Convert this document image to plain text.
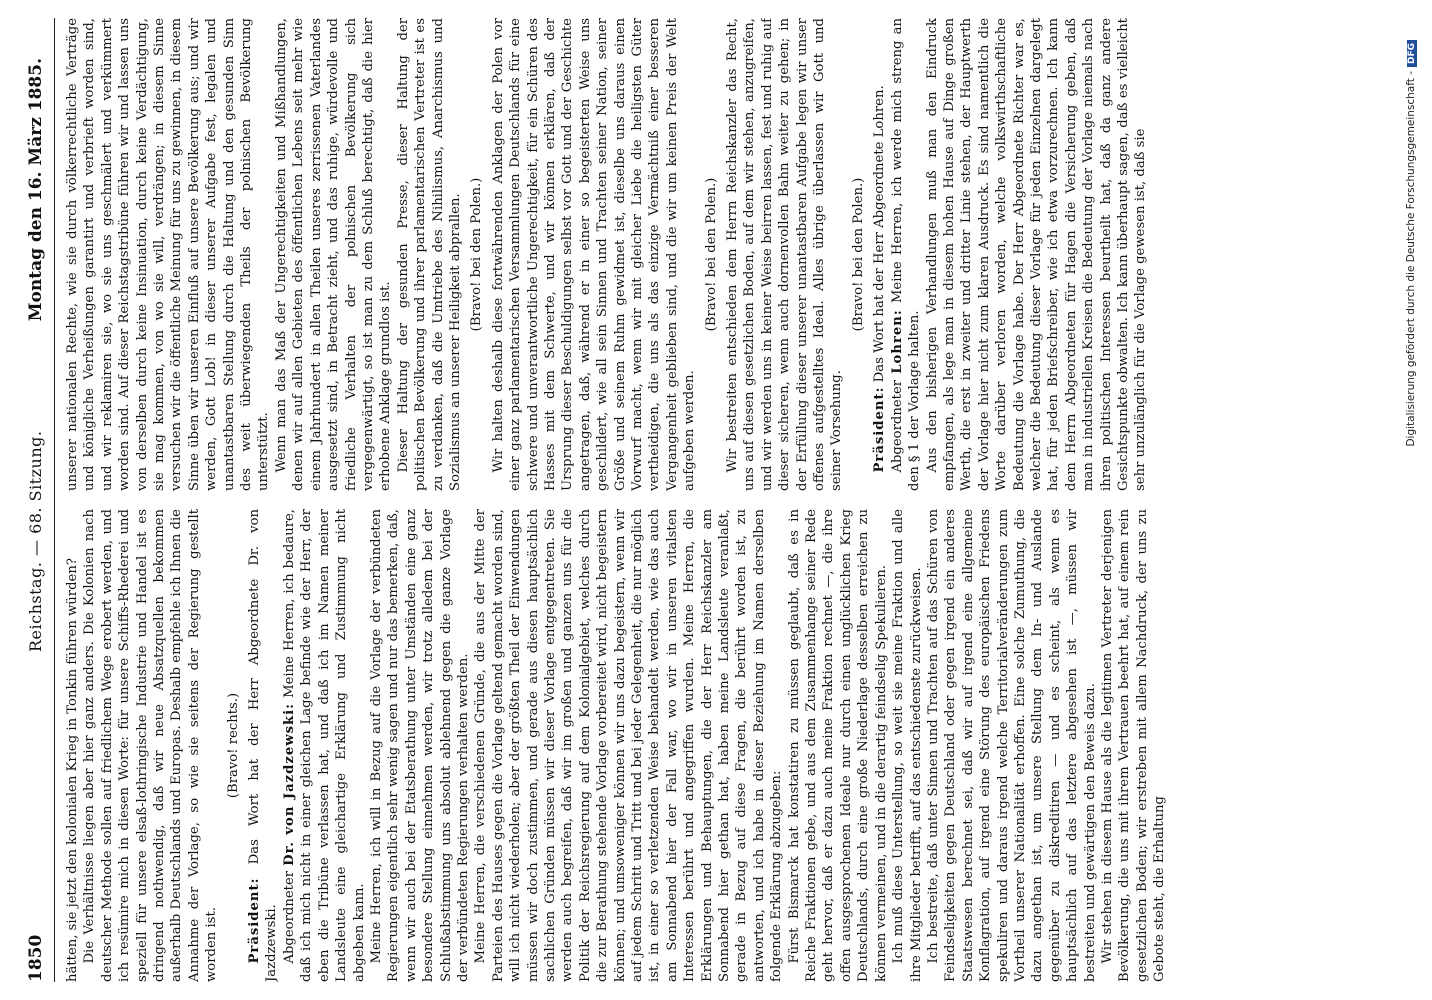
1850
Reichstag. — 68. Sitzung.
Montag den 16. März 1885.

hätten, sie jetzt den kolonialen Krieg in Tonkin führen würden? Die Verhältnisse liegen aber hier ganz anders. Die Kolonien nach deutscher Methode sollen auf friedlichem Wege erobert werden, und ich resümire mich in diesen Worte: für unsere Schiffs-Rhederei und speziell für unsere elsaß-lothringische Industrie und Handel ist es dringend nothwendig, daß wir neue Absatzquellen bekommen außerhalb Deutschlands und Europas. Deshalb empfehle ich Ihnen die Annahme der Vorlage, so wie sie seitens der Regierung gestellt worden ist.

(Bravo! rechts.)

Präsident: Das Wort hat der Herr Abgeordnete Dr. von Jazdzewski. Abgeordneter Dr. von Jazdzewski: Meine Herren, ich bedaure, daß ich mich nicht in einer gleichen Lage befinde wie der Herr, der eben die Tribüne verlassen hat, und daß ich im Namen meiner Landsleute eine gleichartige Erklärung und Zustimmung nicht abgeben kann. Meine Herren, ich will in Bezug auf die Vorlage der verbündeten Regierungen eigentlich sehr wenig sagen und nur das bemerken, daß, wenn wir auch bei der Etatsberathung unter Umständen eine ganz besondere Stellung einnehmen werden, wir trotz alledem bei der Schlußabstimmung uns absolut ablehnend gegen die ganze Vorlage der verbündeten Regierungen verhalten werden. Meine Herren, die verschiedenen Gründe, die aus der Mitte der Parteien des Hauses gegen die Vorlage geltend gemacht worden sind, will ich nicht wiederholen; aber der größten Theil der Einwendungen müssen wir doch zustimmen, und gerade aus diesen hauptsächlich sachlichen Gründen müssen wir dieser Vorlage entgegentreten. Sie werden auch begreifen, daß wir im großen und ganzen uns für die Politik der Reichsregierung auf dem Kolonialgebiet, welches durch die zur Berathung stehende Vorlage vorbereitet wird, nicht begeistern können; und umsoweniger können wir uns dazu begeistern, wenn wir auf jedem Schritt und Tritt und bei jeder Gelegenheit, die nur möglich ist, in einer so verletzenden Weise behandelt werden, wie das auch am Sonnabend hier der Fall war, wo wir in unseren vitalsten Interessen berührt und angegriffen wurden. Meine Herren, die Erklärungen und Behauptungen, die der Herr Reichskanzler am Sonnabend hier gethan hat, haben meine Landsleute veranlaßt, gerade in Bezug auf diese Fragen, die berührt worden ist, zu antworten, und ich habe in dieser Beziehung im Namen derselben folgende Erklärung abzugeben: Fürst Bismarck hat konstatiren zu müssen geglaubt, daß es in Reiche Fraktionen gebe, und aus dem Zusammenhange seiner Rede geht hervor, daß er dazu auch meine Fraktion rechnet —, die ihre offen ausgesprochenen Ideale nur durch einen unglücklichen Krieg Deutschlands, durch eine große Niederlage desselben erreichen zu können vermeinen, und in die derartig feindselig Spekulieren. Ich muß diese Unterstellung, so weit sie meine Fraktion und alle ihre Mitglieder betrifft, auf das entschiedenste zurückweisen. Ich bestreite, daß unter Sinnen und Trachten auf das Schüren von Feindseligkeiten gegen Deutschland oder gegen irgend ein anderes Staatswesen berechnet sei, daß wir auf irgend eine allgemeine Konflagration, auf irgend eine Störung des europäischen Friedens spekuliren und daraus irgend welche Territorialveränderungen zum Vortheil unserer Nationalität erhoffen. Eine solche Zumuthung, die dazu angethan ist, um unsere Stellung dem In- und Auslande gegenüber zu diskreditiren — und es scheint, als wenn es hauptsächlich auf das letztere abgesehen ist —, müssen wir bestreiten und gewärtigen den Beweis dazu. Wir stehen in diesem Hause als die legitimen Vertreter derjenigen Bevölkerung, die uns mit ihrem Vertrauen beehrt hat, auf einem rein gesetzlichen Boden; wir erstreben mit allem Nachdruck, der uns zu Gebote steht, die Erhaltung

unserer nationalen Rechte, wie sie durch völkerrechtliche Verträge und königliche Verheißungen garantirt und verbrieft worden sind, und wir reklamiren sie, wo sie uns geschmälert und verkümmert worden sind. Auf dieser Reichstagstribüne führen wir und lassen uns von derselben durch keine Insinuation, durch keine Verdächtigung, sie mag kommen, von wo sie will, verdrängen; in diesem Sinne versuchen wir die öffentliche Meinung für uns zu gewinnen, in diesem Sinne üben wir unseren Einfluß auf unsere Bevölkerung aus; und wir werden, Gott Lob! in dieser unserer Aufgabe fest, legalen und unantastbaren Stellung durch die Haltung und den gesunden Sinn des weit überwiegenden Theils der polnischen Bevölkerung unterstützt. Wenn man das Maß der Ungerechtigkeiten und Mißhandlungen, denen wir auf allen Gebieten des öffentlichen Lebens seit mehr wie einem Jahrhundert in allen Theilen unseres zerrissenen Vaterlandes ausgesetzt sind, in Betracht zieht, und das ruhige, würdevolle und friedliche Verhalten der polnischen Bevölkerung sich vergegenwärtigt, so ist man zu dem Schluß berechtigt, daß die hier erhobene Anklage grundlos ist. Dieser Haltung der gesunden Presse, dieser Haltung der politischen Bevölkerung und ihrer parlamentarischen Vertreter ist es zu verdanken, daß die Umtriebe des Nihilismus, Anarchismus und Sozialismus an unserer Heiligkeit abprallen. (Bravo! bei den Polen.) Wir halten deshalb diese fortwährenden Anklagen der Polen vor einer ganz parlamentarischen Versammlungen Deutschlands für eine schwere und unverantwortliche Ungerechtigkeit, für ein Schüren des Hasses mit dem Schwerte, und wir können erklären, daß der Ursprung dieser Beschuldigungen selbst vor Gott und der Geschichte angetragen, daß, während er in einer so begeisterten Weise uns geschildert, wie all sein Sinnen und Trachten seiner Nation, seiner Größe und seinem Ruhm gewidmet ist, dieselbe uns daraus einen Vorwurf macht, wenn wir mit gleicher Liebe die heiligsten Güter vertheidigen, die uns als das einzige Vermächtniß einer besseren Vergangenheit geblieben sind, und die wir um keinen Preis der Welt aufgeben werden.

(Bravo! bei den Polen.) Wir bestreiten entschieden dem Herrn Reichskanzler das Recht, uns auf diesen gesetzlichen Boden, auf dem wir stehen, anzugreifen, und wir werden uns in keiner Weise beirren lassen, fest und ruhig auf dieser sicheren, wenn auch dornenvollen Bahn weiter zu gehen; in der Erfüllung dieser unserer unantastbaren Aufgabe legen wir unser offenes aufgestelltes Ideal. Alles übrige überlassen wir Gott und seiner Vorsehung.

(Bravo! bei den Polen.)

Präsident: Das Wort hat der Herr Abgeordnete Lohren.

Abgeordneter Lohren: Meine Herren, ich werde mich streng an den § 1 der Vorlage halten. Aus den bisherigen Verhandlungen muß man den Eindruck empfangen, als lege man in diesem hohen Hause auf Dinge großen Werth, die erst in zweiter und dritter Linie stehen, der Hauptwerth der Vorlage hier nicht zum klaren Ausdruck. Es sind namentlich die Worte darüber verloren worden, welche volkswirthschaftliche Bedeutung die Vorlage habe. Der Herr Abgeordnete Richter war es, welcher die Bedeutung dieser Vorlage für jeden Einzelnen dargelegt hat, für jeden Briefschreiber, wie ich etwa vorzurechnen. Ich kann dem Herrn Abgeordneten für Hagen die Versicherung geben, daß man in industriellen Kreisen die Bedeutung der Vorlage niemals nach ihren politischen Interessen beurtheilt hat, daß da ganz andere Gesichtspunkte obwalten. Ich kann überhaupt sagen, daß es vielleicht sehr unzulänglich für die Vorlage gewesen ist, daß sie	Digitalisierung gefördert durch die Deutsche Forschungsgemeinschaft -DFG
